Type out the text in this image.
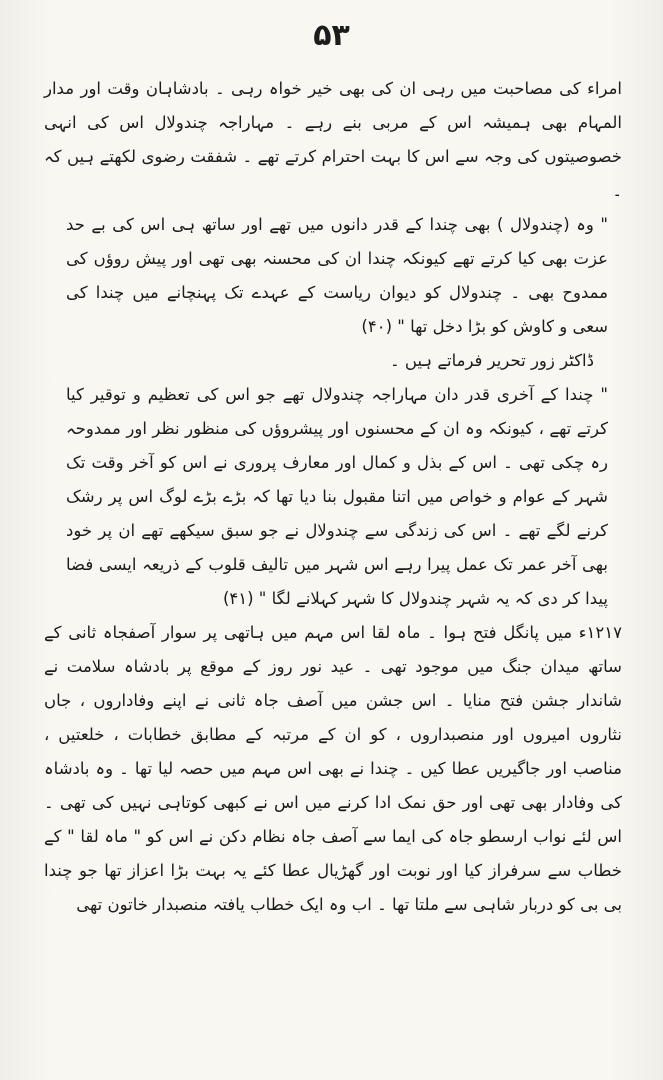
۵۳

امراء کی مصاحبت میں رہی ان کی بھی خیر خواہ رہی ۔ بادشاہان وقت اور مدار المہام بھی ہمیشہ اس کے مربی بنے رہے ۔ مہاراجہ چندولال اس کی انہی خصوصیتوں کی وجہ سے اس کا بہت احترام کرتے تھے ۔ شفقت رضوی لکھتے ہیں کہ ۔

" وہ (چندولال ) بھی چندا کے قدر دانوں میں تھے اور ساتھ ہی اس کی بے حد عزت بھی کیا کرتے تھے کیونکہ چندا ان کی محسنہ بھی تھی اور پیش روؤں کی ممدوح بھی ۔ چندولال کو دیوان ریاست کے عہدے تک پہنچانے میں چندا کی سعی و کاوش کو بڑا دخل تھا " (۴۰)

ڈاکٹر زور تحریر فرماتے ہیں ۔

" چندا کے آخری قدر دان مہاراجہ چندولال تھے جو اس کی تعظیم و توقیر کیا کرتے تھے ، کیونکہ وہ ان کے محسنوں اور پیشروؤں کی منظور نظر اور ممدوحہ رہ چکی تھی ۔ اس کے بذل و کمال اور معارف پروری نے اس کو آخر وقت تک شہر کے عوام و خواص میں اتنا مقبول بنا دیا تھا کہ بڑے بڑے لوگ اس پر رشک کرنے لگے تھے ۔ اس کی زندگی سے چندولال نے جو سبق سیکھے تھے ان پر خود بھی آخر عمر تک عمل پیرا رہے اس شہر میں تالیف قلوب کے ذریعہ ایسی فضا پیدا کر دی کہ یہ شہر چندولال کا شہر کہلانے لگا " (۴۱)

۱۲۱۷ء میں پانگل فتح ہوا ۔ ماہ لقا اس مہم میں ہاتھی پر سوار آصفجاہ ثانی کے ساتھ میدان جنگ میں موجود تھی ۔ عید نور روز کے موقع پر بادشاہ سلامت نے شاندار جشن فتح منایا ۔ اس جشن میں آصف جاہ ثانی نے اپنے وفاداروں ، جاں نثاروں امیروں اور منصبداروں ، کو ان کے مرتبہ کے مطابق خطابات ، خلعتیں ، مناصب اور جاگیریں عطا کیں ۔ چندا نے بھی اس مہم میں حصہ لیا تھا ۔ وہ بادشاہ کی وفادار بھی تھی اور حق نمک ادا کرنے میں اس نے کبھی کوتاہی نہیں کی تھی ۔ اس لئے نواب ارسطو جاہ کی ایما سے آصف جاہ نظام دکن نے اس کو " ماہ لقا " کے خطاب سے سرفراز کیا اور نوبت اور گھڑیال عطا کئے یہ بہت بڑا اعزاز تھا جو چندا بی بی کو دربار شاہی سے ملتا تھا ۔ اب وہ ایک خطاب یافتہ منصبدار خاتون تھی
